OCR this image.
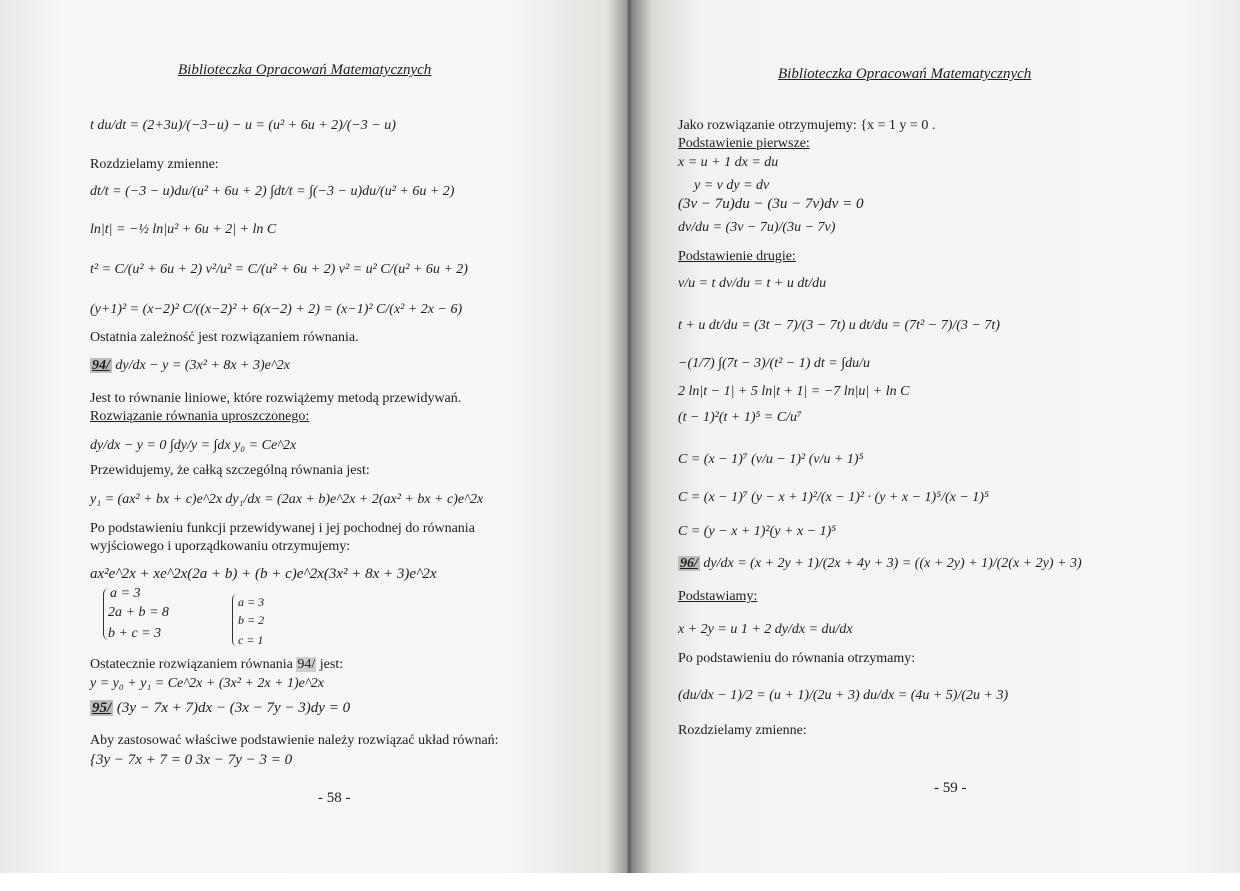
Biblioteczka Opracowań Matematycznych
t du/dt = (2+3u)/(−3−u) − u = (u² + 6u + 2)/(−3 − u)
Rozdzielamy zmienne:
dt/t = (−3 − u)du/(u² + 6u + 2) ∫dt/t = ∫(−3 − u)du/(u² + 6u + 2)
ln|t| = −½ ln|u² + 6u + 2| + ln C
t² = C/(u² + 6u + 2) v²/u² = C/(u² + 6u + 2) v² = u² C/(u² + 6u + 2)
(y+1)² = (x−2)² C/((x−2)² + 6(x−2) + 2) = (x−1)² C/(x² + 2x − 6)
Ostatnia zależność jest rozwiązaniem równania.
94/ dy/dx − y = (3x² + 8x + 3)e^2x
Jest to równanie liniowe, które rozwiążemy metodą przewidywań.
Rozwiązanie równania uproszczonego:
dy/dx − y = 0 ∫dy/y = ∫dx y₀ = Ce^2x
Przewidujemy, że całką szczególną równania jest:
y₁ = (ax² + bx + c)e^2x dy₁/dx = (2ax + b)e^2x + 2(ax² + bx + c)e^2x
Po podstawieniu funkcji przewidywanej i jej pochodnej do równania
wyjściowego i uporządkowaniu otrzymujemy:
ax²e^2x + xe^2x(2a + b) + (b + c)e^2x(3x² + 8x + 3)e^2x
a = 3
2a + b = 8
b + c = 3
a = 3
b = 2
c = 1
Ostatecznie rozwiązaniem równania 94/ jest:
y = y₀ + y₁ = Ce^2x + (3x² + 2x + 1)e^2x
95/ (3y − 7x + 7)dx − (3x − 7y − 3)dy = 0
Aby zastosować właściwe podstawienie należy rozwiązać układ równań:
{3y − 7x + 7 = 0 3x − 7y − 3 = 0
- 58 -
Biblioteczka Opracowań Matematycznych
Jako rozwiązanie otrzymujemy: {x = 1 y = 0 .
Podstawienie pierwsze:
x = u + 1 dx = du
y = v dy = dv
(3v − 7u)du − (3u − 7v)dv = 0
dv/du = (3v − 7u)/(3u − 7v)
Podstawienie drugie:
v/u = t dv/du = t + u dt/du
t + u dt/du = (3t − 7)/(3 − 7t) u dt/du = (7t² − 7)/(3 − 7t)
−(1/7) ∫(7t − 3)/(t² − 1) dt = ∫du/u
2 ln|t − 1| + 5 ln|t + 1| = −7 ln|u| + ln C
(t − 1)²(t + 1)⁵ = C/u⁷
C = (x − 1)⁷ (v/u − 1)² (v/u + 1)⁵
C = (x − 1)⁷ (y − x + 1)²/(x − 1)² · (y + x − 1)⁵/(x − 1)⁵
C = (y − x + 1)²(y + x − 1)⁵
96/ dy/dx = (x + 2y + 1)/(2x + 4y + 3) = ((x + 2y) + 1)/(2(x + 2y) + 3)
Podstawiamy:
x + 2y = u 1 + 2 dy/dx = du/dx
Po podstawieniu do równania otrzymamy:
(du/dx − 1)/2 = (u + 1)/(2u + 3) du/dx = (4u + 5)/(2u + 3)
Rozdzielamy zmienne:
- 59 -
